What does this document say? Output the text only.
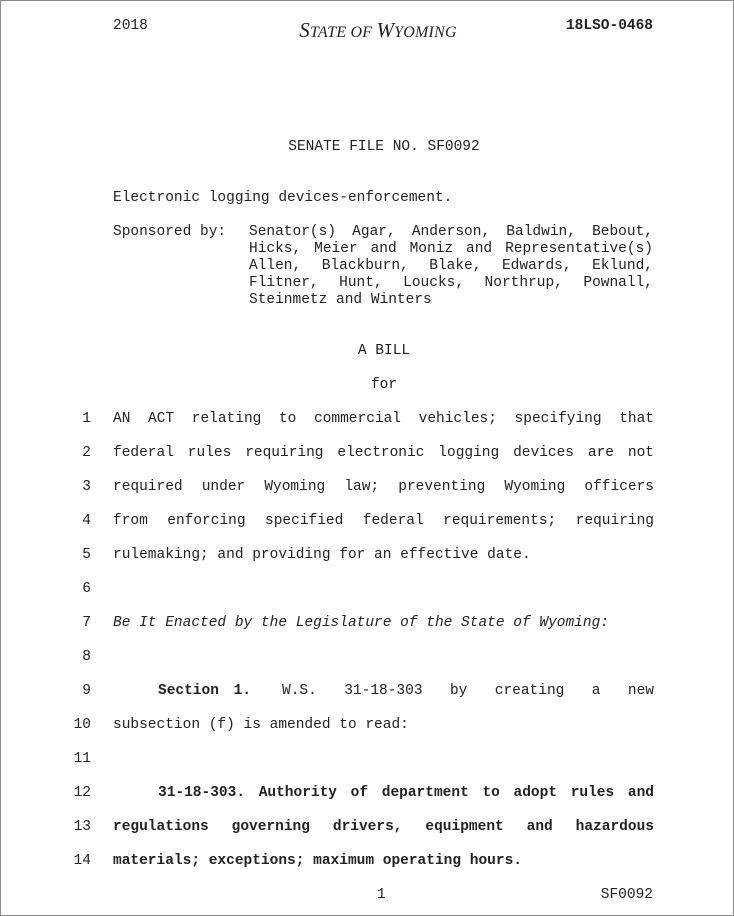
2018	STATE OF WYOMING	18LSO-0468
SENATE FILE NO. SF0092
Electronic logging devices-enforcement.
Sponsored by: Senator(s) Agar, Anderson, Baldwin, Bebout,
Hicks, Meier and Moniz and Representative(s)
Allen, Blackburn, Blake, Edwards, Eklund,
Flitner, Hunt, Loucks, Northrup, Pownall,
Steinmetz and Winters
A BILL
for
1 AN ACT relating to commercial vehicles; specifying that
2 federal rules requiring electronic logging devices are not
3 required under Wyoming law; preventing Wyoming officers
4 from enforcing specified federal requirements; requiring
5 rulemaking; and providing for an effective date.
6
7 Be It Enacted by the Legislature of the State of Wyoming:
8
9	Section 1. W.S. 31-18-303 by creating a new
10 subsection (f) is amended to read:
11
12	31-18-303. Authority of department to adopt rules and
13 regulations governing drivers, equipment and hazardous
14 materials; exceptions; maximum operating hours.
1	SF0092
